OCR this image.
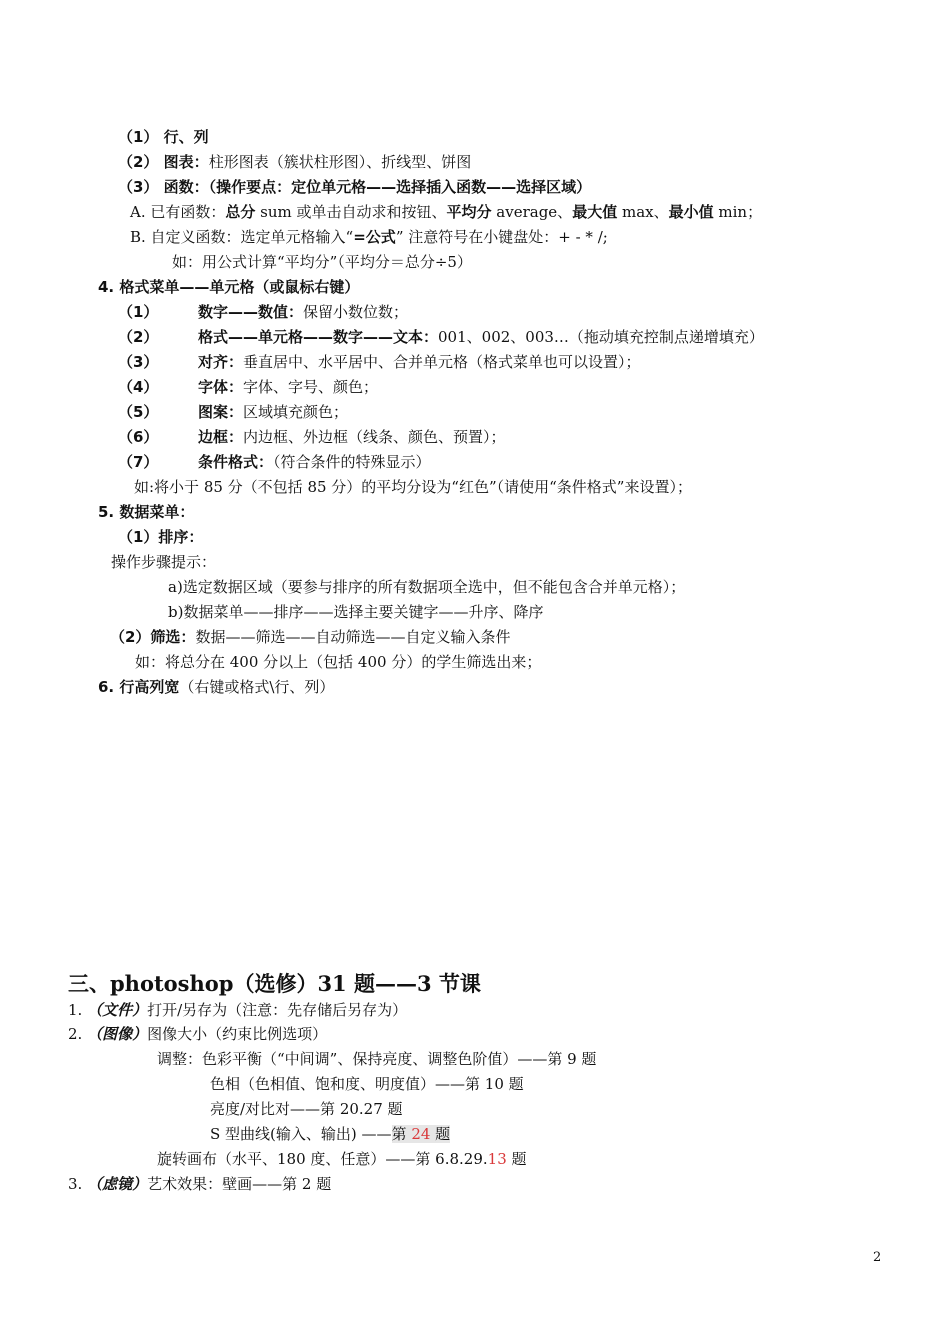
（1） 行、列
（2） 图表：柱形图表（簇状柱形图）、折线型、饼图
（3） 函数：（操作要点：定位单元格——选择插入函数——选择区域）
A. 已有函数：总分 sum 或单击自动求和按钮、平均分 average、最大值 max、最小值 min；
B. 自定义函数：选定单元格输入“=公式” 注意符号在小键盘处：+ - * /;
如：用公式计算“平均分”（平均分＝总分÷5）
4. 格式菜单——单元格（或鼠标右键）
（1）	数字——数值：保留小数位数；
（2）	格式——单元格——数字——文本：001、002、003…（拖动填充控制点递增填充）
（3）	对齐：垂直居中、水平居中、合并单元格（格式菜单也可以设置）；
（4）	字体：字体、字号、颜色；
（5）	图案：区域填充颜色；
（6）	边框：内边框、外边框（线条、颜色、预置）；
（7）	条件格式：（符合条件的特殊显示）
如:将小于 85 分（不包括 85 分）的平均分设为“红色”（请使用“条件格式”来设置）；
5. 数据菜单：
（1）排序：
操作步骤提示：
a)选定数据区域（要参与排序的所有数据项全选中，但不能包含合并单元格）；
b)数据菜单——排序——选择主要关键字——升序、降序
（2）筛选：数据——筛选——自动筛选——自定义输入条件
如：将总分在 400 分以上（包括 400 分）的学生筛选出来；
6. 行高列宽（右键或格式\行、列）
三、photoshop（选修）31 题——3 节课
1. （文件）打开/另存为（注意：先存储后另存为）
2. （图像）图像大小（约束比例选项）
调整：色彩平衡（“中间调”、保持亮度、调整色阶值）——第 9 题
色相（色相值、饱和度、明度值）——第 10 题
亮度/对比对——第 20.27 题
S 型曲线(输入、输出) ——第 24 题
旋转画布（水平、180 度、任意）——第 6.8.29.13 题
3. （虑镜）艺术效果：壁画——第 2 题
2
